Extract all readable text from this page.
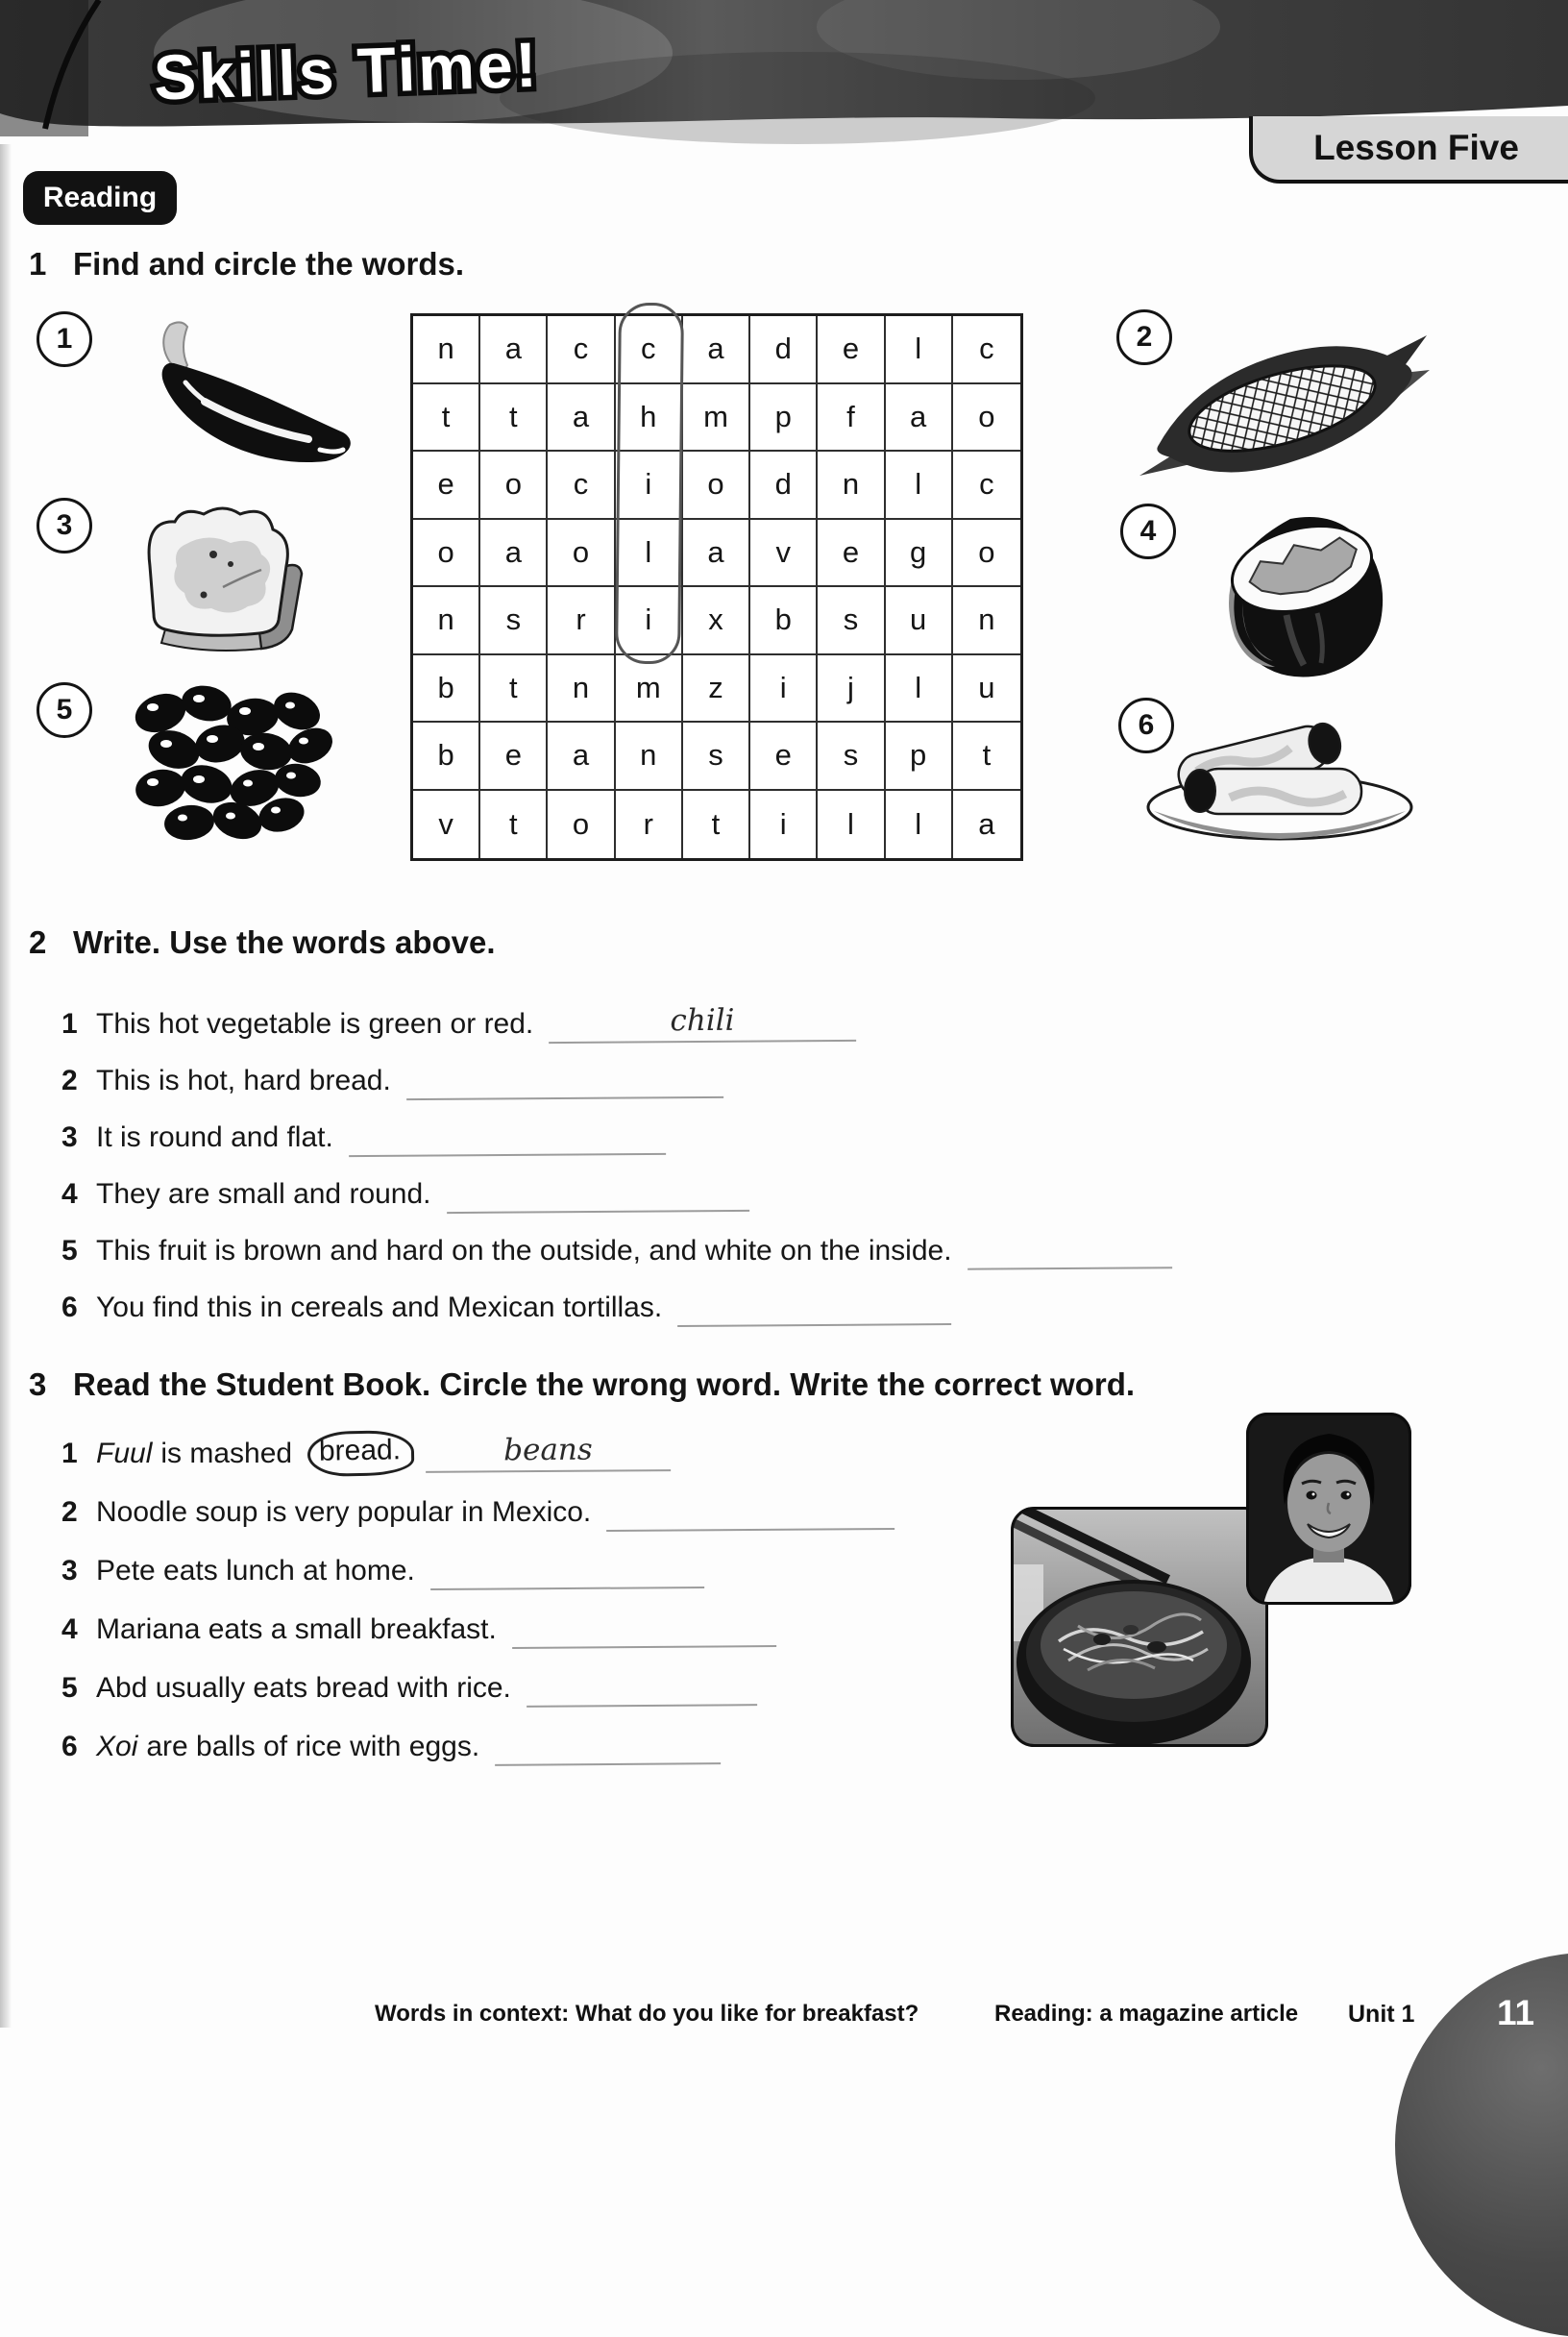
Skills Time!
Lesson Five
Reading
1 Find and circle the words.
1	2
3	4
5	6
n	a	c	c	a	d	e	l	c
t	t	a	h	m	p	f	a	o
e	o	c	i	o	d	n	l	c
o	a	o	l	a	v	e	g	o
n	s	r	i	x	b	s	u	n
b	t	n	m	z	i	j	l	u
b	e	a	n	s	e	s	p	t
v	t	o	r	t	i	l	l	a
2 Write. Use the words above.
1 This hot vegetable is green or red.	chili
2 This is hot, hard bread.
3 It is round and flat.
4 They are small and round.
5 This fruit is brown and hard on the outside, and white on the inside.
6 You find this in cereals and Mexican tortillas.
3 Read the Student Book. Circle the wrong word. Write the correct word.
1 Fuul is mashed bread.	beans
2 Noodle soup is very popular in Mexico.
3 Pete eats lunch at home.
4 Mariana eats a small breakfast.
5 Abd usually eats bread with rice.
6 Xoi are balls of rice with eggs.
Words in context: What do you like for breakfast?	Reading: a magazine article Unit 1 11
